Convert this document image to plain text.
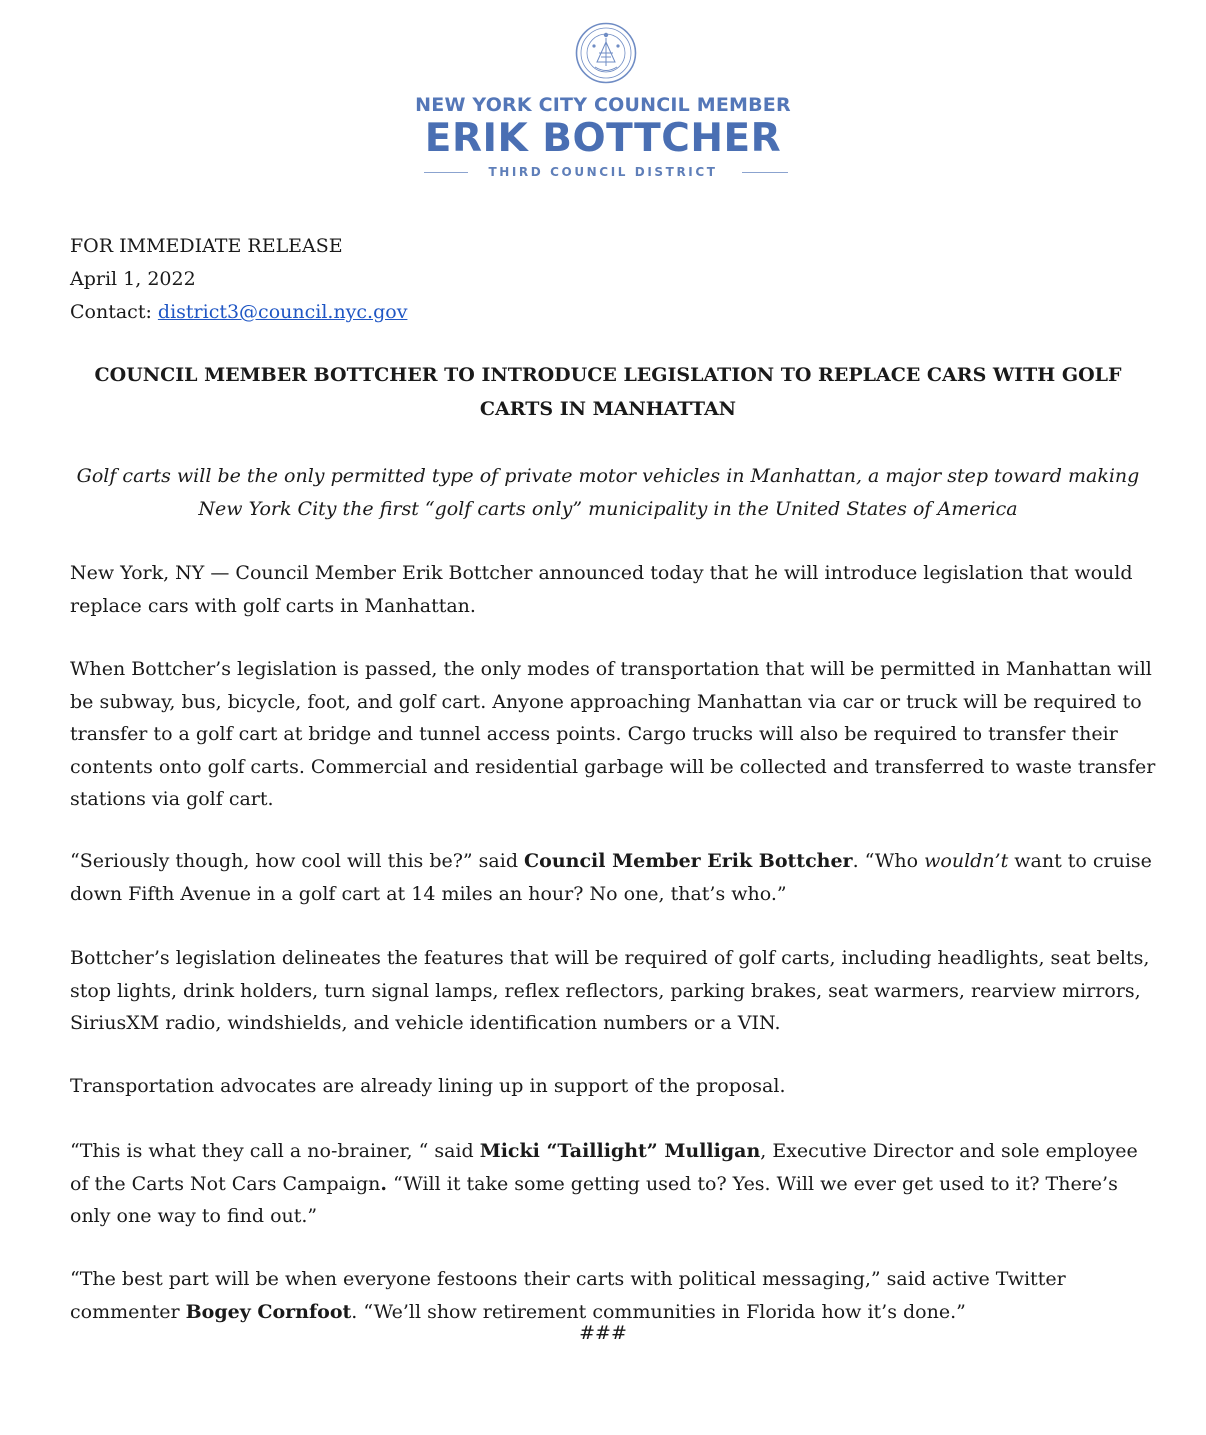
NEW YORK CITY COUNCIL MEMBER
ERIK BOTTCHER
THIRD COUNCIL DISTRICT
FOR IMMEDIATE RELEASE
April 1, 2022
Contact: district3@council.nyc.gov
COUNCIL MEMBER BOTTCHER TO INTRODUCE LEGISLATION TO REPLACE CARS WITH GOLF CARTS IN MANHATTAN
Golf carts will be the only permitted type of private motor vehicles in Manhattan, a major step toward making New York City the first “golf carts only” municipality in the United States of America
New York, NY — Council Member Erik Bottcher announced today that he will introduce legislation that would replace cars with golf carts in Manhattan.
When Bottcher’s legislation is passed, the only modes of transportation that will be permitted in Manhattan will be subway, bus, bicycle, foot, and golf cart. Anyone approaching Manhattan via car or truck will be required to transfer to a golf cart at bridge and tunnel access points. Cargo trucks will also be required to transfer their contents onto golf carts. Commercial and residential garbage will be collected and transferred to waste transfer stations via golf cart.
“Seriously though, how cool will this be?” said Council Member Erik Bottcher. “Who wouldn’t want to cruise down Fifth Avenue in a golf cart at 14 miles an hour? No one, that’s who.”
Bottcher’s legislation delineates the features that will be required of golf carts, including headlights, seat belts, stop lights, drink holders, turn signal lamps, reflex reflectors, parking brakes, seat warmers, rearview mirrors, SiriusXM radio, windshields, and vehicle identification numbers or a VIN.
Transportation advocates are already lining up in support of the proposal.
“This is what they call a no-brainer, “ said Micki “Taillight” Mulligan, Executive Director and sole employee of the Carts Not Cars Campaign. “Will it take some getting used to? Yes. Will we ever get used to it? There’s only one way to find out.”
“The best part will be when everyone festoons their carts with political messaging,” said active Twitter commenter Bogey Cornfoot. “We’ll show retirement communities in Florida how it’s done.”
###
